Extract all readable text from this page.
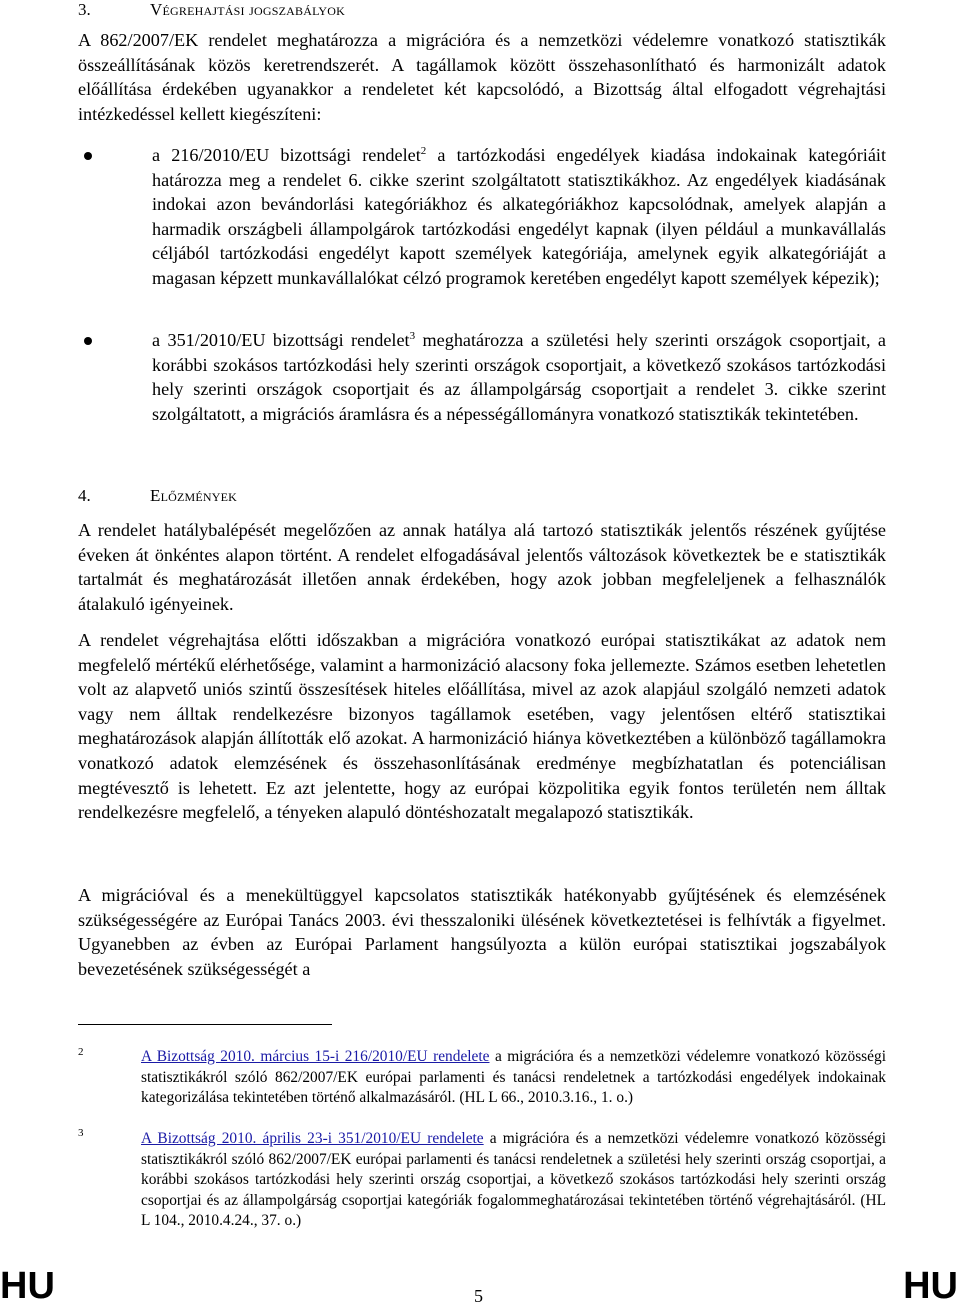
3.	Végrehajtási jogszabályok
A 862/2007/EK rendelet meghatározza a migrációra és a nemzetközi védelemre vonatkozó statisztikák összeállításának közös keretrendszerét. A tagállamok között összehasonlítható és harmonizált adatok előállítása érdekében ugyanakkor a rendeletet két kapcsolódó, a Bizottság által elfogadott végrehajtási intézkedéssel kellett kiegészíteni:
a 216/2010/EU bizottsági rendelet$^2$ a tartózkodási engedélyek kiadása indokainak kategóriáit határozza meg a rendelet 6. cikke szerint szolgáltatott statisztikákhoz. Az engedélyek kiadásának indokai azon bevándorlási kategóriákhoz és alkategóriákhoz kapcsolódnak, amelyek alapján a harmadik országbeli állampolgárok tartózkodási engedélyt kapnak (ilyen például a munkavállalás céljából tartózkodási engedélyt kapott személyek kategóriája, amelynek egyik alkategóriáját a magasan képzett munkavállalókat célzó programok keretében engedélyt kapott személyek képezik);
a 351/2010/EU bizottsági rendelet$^3$ meghatározza a születési hely szerinti országok csoportjait, a korábbi szokásos tartózkodási hely szerinti országok csoportjait, a következő szokásos tartózkodási hely szerinti országok csoportjait és az állampolgárság csoportjait a rendelet 3. cikke szerint szolgáltatott, a migrációs áramlásra és a népességállományra vonatkozó statisztikák tekintetében.
4.	Előzmények
A rendelet hatálybalépését megelőzően az annak hatálya alá tartozó statisztikák jelentős részének gyűjtése éveken át önkéntes alapon történt. A rendelet elfogadásával jelentős változások következtek be e statisztikák tartalmát és meghatározását illetően annak érdekében, hogy azok jobban megfeleljenek a felhasználók átalakuló igényeinek.
A rendelet végrehajtása előtti időszakban a migrációra vonatkozó európai statisztikákat az adatok nem megfelelő mértékű elérhetősége, valamint a harmonizáció alacsony foka jellemezte. Számos esetben lehetetlen volt az alapvető uniós szintű összesítések hiteles előállítása, mivel az azok alapjául szolgáló nemzeti adatok vagy nem álltak rendelkezésre bizonyos tagállamok esetében, vagy jelentősen eltérő statisztikai meghatározások alapján állították elő azokat. A harmonizáció hiánya következtében a különböző tagállamokra vonatkozó adatok elemzésének és összehasonlításának eredménye megbízhatatlan és potenciálisan megtévesztő is lehetett. Ez azt jelentette, hogy az európai közpolitika egyik fontos területén nem álltak rendelkezésre megfelelő, a tényeken alapuló döntéshozatalt megalapozó statisztikák.
A migrációval és a menekültüggyel kapcsolatos statisztikák hatékonyabb gyűjtésének és elemzésének szükségességére az Európai Tanács 2003. évi thesszaloniki ülésének következtetései is felhívták a figyelmet. Ugyanebben az évben az Európai Parlament hangsúlyozta a külön európai statisztikai jogszabályok bevezetésének szükségességét a
2	A Bizottság 2010. március 15-i 216/2010/EU rendelete a migrációra és a nemzetközi védelemre vonatkozó közösségi statisztikákról szóló 862/2007/EK európai parlamenti és tanácsi rendeletnek a tartózkodási engedélyek indokainak kategorizálása tekintetében történő alkalmazásáról. (HL L 66., 2010.3.16., 1. o.)
3	A Bizottság 2010. április 23-i 351/2010/EU rendelete a migrációra és a nemzetközi védelemre vonatkozó közösségi statisztikákról szóló 862/2007/EK európai parlamenti és tanácsi rendeletnek a születési hely szerinti ország csoportjai, a korábbi szokásos tartózkodási hely szerinti ország csoportjai, a következő szokásos tartózkodási hely szerinti ország csoportjai és az állampolgárság csoportjai kategóriák fogalommeghatározásai tekintetében történő végrehajtásáról. (HL L 104., 2010.4.24., 37. o.)
HU	5	HU
